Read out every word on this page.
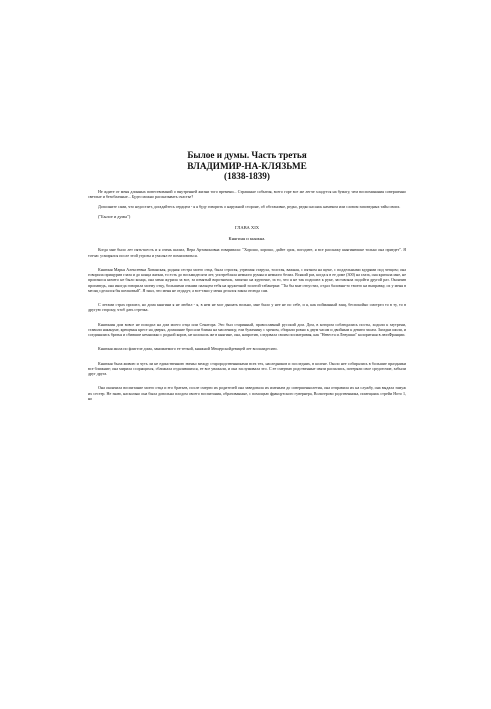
Былое и думы. Часть третья

ВЛАДИМИР-НА-КЛЯЗЬМЕ

(1838-1839)

Не ждите от меня длинных повествований о внутренней жизни того времени... Страшные события, всего горе все же легче хладутся на бумагу, чем воспоминания совершенно светлые и безоблачные... Будто можно рассказывать счастье?

Дополните сами, что недостает, догадайтесь сердцем - я я буду говорить о наружной стороне, об обстановке, редко, редко касаясь намеком или словом заповедных тайн своих.

("Былое и думы")

ГЛАВА XIX

Княгиня и княжна.

Когда мне было лет пять-шесть и я очень шалил, Вера Артамоновна говаривала: "Хорошо, хорошо, дайте срок, погодите, я все расскажу княгинюшке только она приедет". Я тотчас усмирялся после этой угрозы и умолял ее помиловаться.

Княгиня Марья Алексеевна Хованская, родная сестра моего отца, была строгая, угрюмая старуха, толстая, важная, с пятном на щеке, с поддельными кудрями под чепцом; она говорила прищурив глаза и до конца жизни, то есть до восьмидесяти лет, употребляла немного румян и немного белил. Всякий раз, когда я в ее доме (300) на глаза, она кричала мне, не произнося ничего не было конца, она меня журила за все, за измятый воротничок, запятно на курточке, за то, что я не так подошел к руке, заставляла подойти другой раз. Окончив пропаведь, она иногда говорила моему отцу, большими очками пальцем тебя на кружечной золотой табакерки: "Ты бы мне отпустил, отдал баловня-то твоего на выправку, ох у меня в месяц сделался бы шелковый". Я знал, что меня не отдадут, а все-таки у меня делался закон отсюда сам.

С летами страх прошел, но дома княгини я не любил - я, в нем не мог дышать вольно, мне было у нее не по себе, и я, как пойманный заяц, беспокойно смотрел то в ту, то в другую сторону, чтоб дать стречка.

Княгинин дом вовсе не походил на дом моего отца или Сенатора. Это был старинный, православный русский дом. Дом, в котором соблюдались посты, ходили к заутрени, ставили накануне, крещенья крест на дверях, домашние бросали блины на масленицу, ели буженину с хреном, сбирали ровно к двум часам и двойным к девяти часам. Загадки шили, и соединялись братья и сбившие немножко с родной коров, не колоколь же в княгине, она, напротив, следовала своим посматривая, как "Невеста и Левушки" колоритная в люпФранции.

Княгиня жила по флигеле дома, занимаемого ее теткой, княжной Мещерскойдевицей лет восьмидесяти.

Княгиня была живою и чуть ли не единственною звеньо между старородственниками всех тех, наследников и последних, в колене. Около нее собирались в большие праздники все ближние; она мирила ссорящихся, сближала отдалившихся, ее все уважали, и она заслуживала это. С ее смертью родственные связи распались, потеряли свое средоточие, забыли друг друга.

Она окончила воспитание моего отца и его братьев, после смерти их родителей она заведовала их именьем до совершеннолетия, она отправила их на службу, она выдала замуж их сестер. Не знаю, насколько она была довольна плодом своего воспитания, образованные, с помощью французского гувернера, Вольтерово родственника, помещаясь стрейи Ното 1, но
